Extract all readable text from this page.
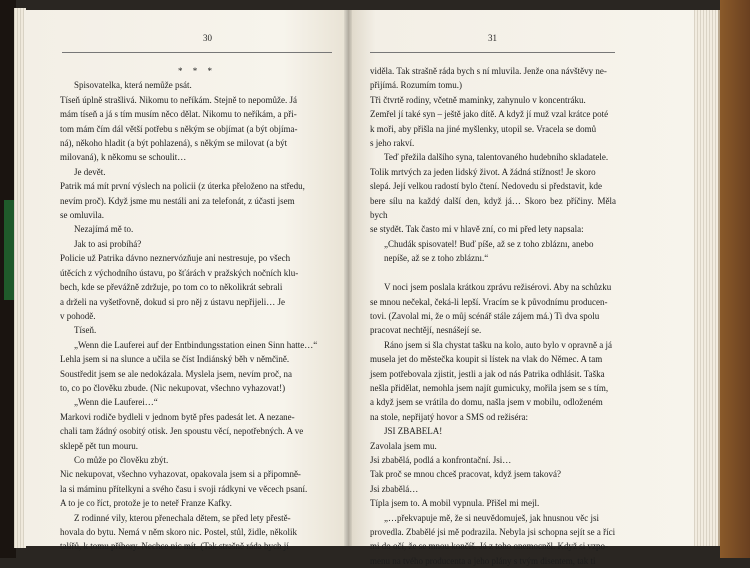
30

* * *

Spisovatelka, která nemůže psát.

Tíseň úplně strašlivá. Nikomu to neříkám. Stejně to nepomůže. Já

mám tíseň a já s tím musím něco dělat. Nikomu to neříkám, a při-

tom mám čím dál větší potřebu s někým se objímat (a být objíma-

ná), někoho hladit (a být pohlazená), s někým se milovat (a být

milovaná), k někomu se schoulit…

Je devět.

Patrik má mít první výslech na policii (z úterka přeloženo na středu,

nevím proč). Když jsme mu nestáli ani za telefonát, z účasti jsem

se omluvila.

Nezajímá mě to.

Jak to asi probíhá?

Policie už Patrika dávno neznervózňuje ani nestresuje, po všech

útěcích z východního ústavu, po šťárách v pražských nočních klu-

bech, kde se převážně zdržuje, po tom co to několikrát sebrali

a drželi na vyšetřovně, dokud si pro něj z ústavu nepřijeli… Je

v pohodě.

Tíseň.

„Wenn die Lauferei auf der Entbindungsstation einen Sinn hatte…“

Lehla jsem si na slunce a učila se číst Indiánský běh v němčině.

Soustředit jsem se ale nedokázala. Myslela jsem, nevím proč, na

to, co po člověku zbude. (Nic nekupovat, všechno vyhazovat!)

„Wenn die Lauferei…“

Markovi rodiče bydleli v jednom bytě přes padesát let. A nezane-

chali tam žádný osobitý otisk. Jen spoustu věcí, nepotřebných. A ve

sklepě pět tun mouru.

Co může po člověku zbýt.

Nic nekupovat, všechno vyhazovat, opakovala jsem si a připomně-

la si máminu přítelkyni a svého času i svoji rádkyni ve věcech psaní.

A to je co říct, protože je to neteř Franze Kafky.

Z rodinné vily, kterou přenechala dětem, se před lety přestě-

hovala do bytu. Nemá v něm skoro nic. Postel, stůl, židle, několik

talířů, k tomu příbory. Nechce nic mít. (Tak strašně ráda bych jí

31

viděla. Tak strašně ráda bych s ní mluvila. Jenže ona návštěvy ne-

přijímá. Rozumím tomu.)

Tři čtvrtě rodiny, včetně maminky, zahynulo v koncentráku.

Zemřel jí také syn – ještě jako dítě. A když jí muž vzal krátce poté

k moři, aby přišla na jiné myšlenky, utopil se. Vracela se domů

s jeho rakví.

Teď přežila dalšího syna, talentovaného hudebního skladatele.

Tolik mrtvých za jeden lidský život. A žádná stížnost! Je skoro

slepá. Její velkou radostí bylo čtení. Nedovedu si představit, kde

bere sílu na každý další den, když já… Skoro bez příčiny. Měla bych

se stydět. Tak často mi v hlavě zní, co mi před lety napsala:

„Chudák spisovatel! Buď píše, až se z toho zbláznı, anebo

nepíše, až se z toho zbláznı.“

V noci jsem poslala krátkou zprávu režisérovi. Aby na schůzku

se mnou nečekal, čeká-li lepší. Vracím se k původnímu producen-

tovi. (Zavolal mi, že o můj scénář stále zájem má.) Ti dva spolu

pracovat nechtějí, nesnášejí se.

Ráno jsem si šla chystat tašku na kolo, auto bylo v opravně a já

musela jet do městečka koupit si lístek na vlak do Němec. A tam

jsem potřebovala zjistit, jestli a jak od nás Patrika odhlásit. Taška

nešla přidělat, nemohla jsem najít gumicuky, mořila jsem se s tím,

a když jsem se vrátila do domu, našla jsem v mobilu, odloženém

na stole, nepřijatý hovor a SMS od režiséra:

JSI ZBABELA!

Zavolala jsem mu.

Jsi zbabělá, podlá a konfrontační. Jsi…

Tak proč se mnou chceš pracovat, když jsem taková?

Jsi zbabělá…

Típla jsem to. A mobil vypnula. Přišel mi mejl.

„…překvapuje mě, že si neuvědomuješ, jak hnusnou věc jsi

provedla. Zbabělé jsi mě podrazila. Nebyla jsi schopna sejít se a říci

mi do očí, že se mnou končíš. Já z toho onemocněl. Když si vzpo-

menu na tvého producenta a jeho plány s tvým disentem, tak ti
